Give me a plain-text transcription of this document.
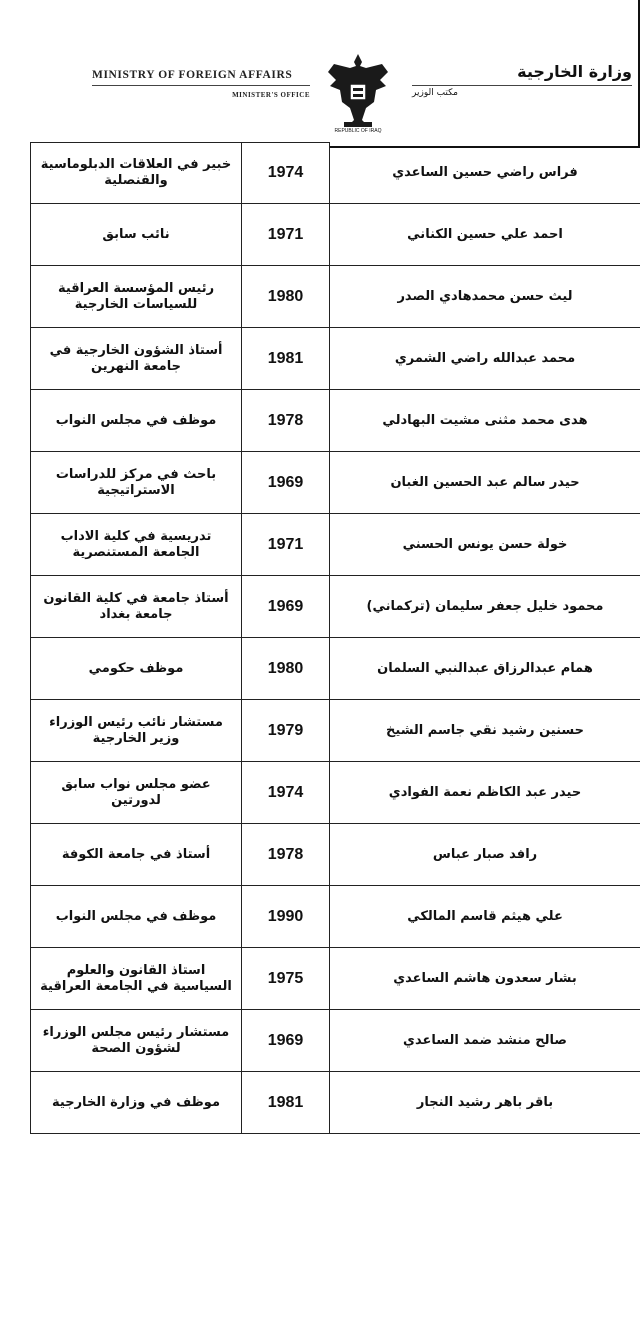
MINISTRY OF FOREIGN AFFAIRS
MINISTER'S OFFICE
REPUBLIC OF IRAQ
وزارة الخارجية
مكتب الوزير
خبير في العلاقات الدبلوماسية والقنصلية	1974	فراس راضي حسين الساعدي
نائب سابق	1971	احمد علي حسين الكناني
رئيس المؤسسة العراقية للسياسات الخارجية	1980	ليث حسن محمدهادي الصدر
أستاذ الشؤون الخارجية في جامعة النهرين	1981	محمد عبدالله راضي الشمري
موظف في مجلس النواب	1978	هدى محمد مثنى مشيت البهادلي
باحث في مركز للدراسات الاستراتيجية	1969	حيدر سالم عبد الحسين الغبان
تدريسية في كلية الاداب الجامعة المستنصرية	1971	خولة حسن يونس الحسني
أستاذ جامعة في كلية القانون جامعة بغداد	1969	محمود خليل جعفر سليمان (تركماني)
موظف حكومي	1980	همام عبدالرزاق عبدالنبي السلمان
مستشار نائب رئيس الوزراء وزير الخارجية	1979	حسنين رشيد نقي جاسم الشيخ
عضو مجلس نواب سابق لدورتين	1974	حيدر عبد الكاظم نعمة الفوادي
أستاذ في جامعة الكوفة	1978	رافد صبار عباس
موظف في مجلس النواب	1990	علي هيثم قاسم المالكي
استاذ القانون والعلوم السياسية في الجامعة العراقية	1975	بشار سعدون هاشم الساعدي
مستشار رئيس مجلس الوزراء لشؤون الصحة	1969	صالح منشد ضمد الساعدي
موظف في وزارة الخارجية	1981	باقر باهر رشيد النجار
